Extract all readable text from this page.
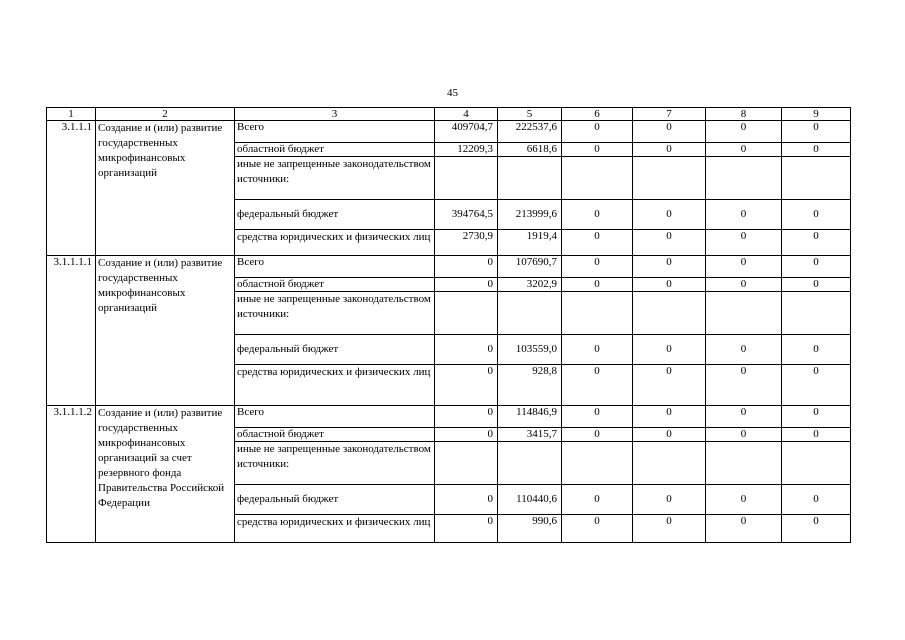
45
1	2	3	4	5	6	7	8	9
3.1.1.1	Создание и (или) развитие государственных микрофинансовых организаций	Всего	409704,7	222537,6	0	0	0	0
		областной бюджет	12209,3	6618,6	0	0	0	0
		иные не запрещенные законодательством источники:						
		федеральный бюджет	394764,5	213999,6	0	0	0	0
		средства юридических и физических лиц	2730,9	1919,4	0	0	0	0
3.1.1.1.1	Создание и (или) развитие государственных микрофинансовых организаций	Всего	0	107690,7	0	0	0	0
		областной бюджет	0	3202,9	0	0	0	0
		иные не запрещенные законодательством источники:						
		федеральный бюджет	0	103559,0	0	0	0	0
		средства юридических и физических лиц	0	928,8	0	0	0	0
3.1.1.1.2	Создание и (или) развитие государственных микрофинансовых организаций за счет резервного фонда Правительства Российской Федерации	Всего	0	114846,9	0	0	0	0
		областной бюджет	0	3415,7	0	0	0	0
		иные не запрещенные законодательством источники:						
		федеральный бюджет	0	110440,6	0	0	0	0
		средства юридических и физических лиц	0	990,6	0	0	0	0
